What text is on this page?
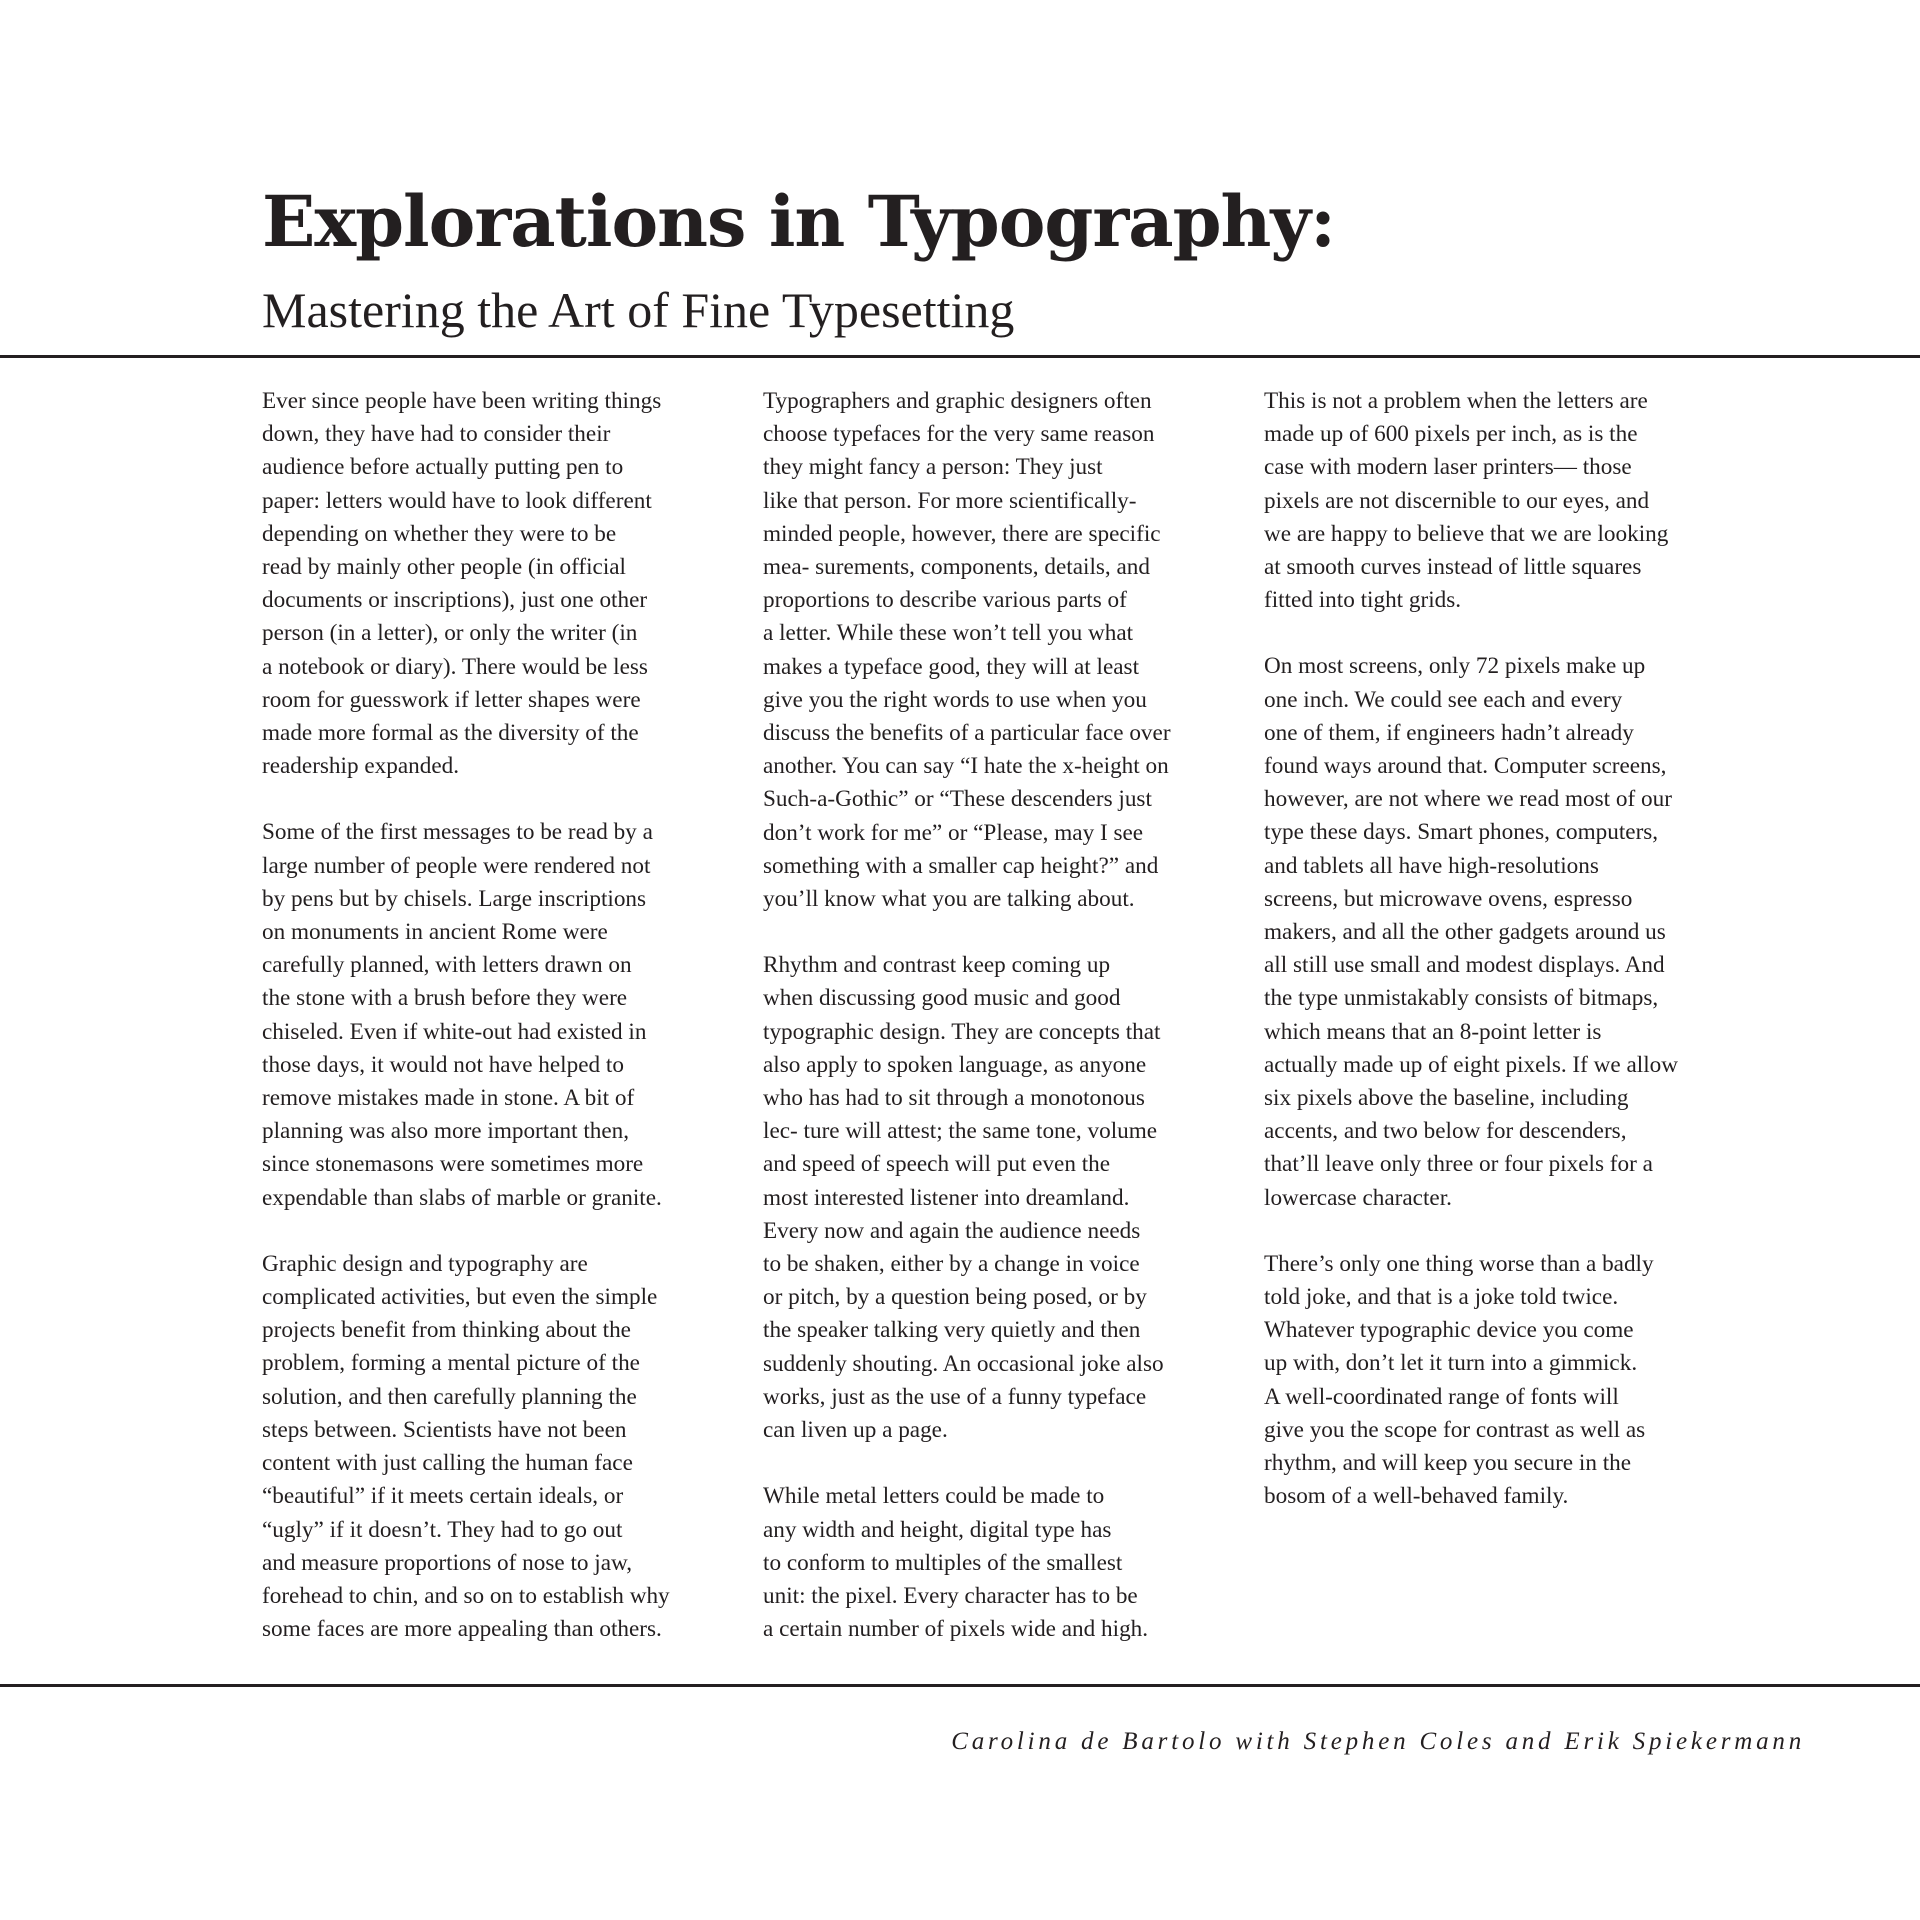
Explorations in Typography:
Mastering the Art of Fine Typesetting

Ever since people have been writing things
down, they have had to consider their
audience before actually putting pen to
paper: letters would have to look different
depending on whether they were to be
read by mainly other people (in official
documents or inscriptions), just one other
person (in a letter), or only the writer (in
a notebook or diary). There would be less
room for guesswork if letter shapes were
made more formal as the diversity of the
readership expanded.

Some of the first messages to be read by a
large number of people were rendered not
by pens but by chisels. Large inscriptions
on monuments in ancient Rome were
carefully planned, with letters drawn on
the stone with a brush before they were
chiseled. Even if white-out had existed in
those days, it would not have helped to
remove mistakes made in stone. A bit of
planning was also more important then,
since stonemasons were sometimes more
expendable than slabs of marble or granite.

Graphic design and typography are
complicated activities, but even the simple
projects benefit from thinking about the
problem, forming a mental picture of the
solution, and then carefully planning the
steps between. Scientists have not been
content with just calling the human face
“beautiful” if it meets certain ideals, or
“ugly” if it doesn’t. They had to go out
and measure proportions of nose to jaw,
forehead to chin, and so on to establish why
some faces are more appealing than others.

Typographers and graphic designers often
choose typefaces for the very same reason
they might fancy a person: They just
like that person. For more scientifically-
minded people, however, there are specific
mea- surements, components, details, and
proportions to describe various parts of
a letter. While these won’t tell you what
makes a typeface good, they will at least
give you the right words to use when you
discuss the benefits of a particular face over
another. You can say “I hate the x-height on
Such-a-Gothic” or “These descenders just
don’t work for me” or “Please, may I see
something with a smaller cap height?” and
you’ll know what you are talking about.

Rhythm and contrast keep coming up
when discussing good music and good
typographic design. They are concepts that
also apply to spoken language, as anyone
who has had to sit through a monotonous
lec- ture will attest; the same tone, volume
and speed of speech will put even the
most interested listener into dreamland.
Every now and again the audience needs
to be shaken, either by a change in voice
or pitch, by a question being posed, or by
the speaker talking very quietly and then
suddenly shouting. An occasional joke also
works, just as the use of a funny typeface
can liven up a page.

While metal letters could be made to
any width and height, digital type has
to conform to multiples of the smallest
unit: the pixel. Every character has to be
a certain number of pixels wide and high.

This is not a problem when the letters are
made up of 600 pixels per inch, as is the
case with modern laser printers— those
pixels are not discernible to our eyes, and
we are happy to believe that we are looking
at smooth curves instead of little squares
fitted into tight grids.

On most screens, only 72 pixels make up
one inch. We could see each and every
one of them, if engineers hadn’t already
found ways around that. Computer screens,
however, are not where we read most of our
type these days. Smart phones, computers,
and tablets all have high-resolutions
screens, but microwave ovens, espresso
makers, and all the other gadgets around us
all still use small and modest displays. And
the type unmistakably consists of bitmaps,
which means that an 8-point letter is
actually made up of eight pixels. If we allow
six pixels above the baseline, including
accents, and two below for descenders,
that’ll leave only three or four pixels for a
lowercase character.

There’s only one thing worse than a badly
told joke, and that is a joke told twice.
Whatever typographic device you come
up with, don’t let it turn into a gimmick.
A well-coordinated range of fonts will
give you the scope for contrast as well as
rhythm, and will keep you secure in the
bosom of a well-behaved family.

Carolina de Bartolo with Stephen Coles and Erik Spiekermann
